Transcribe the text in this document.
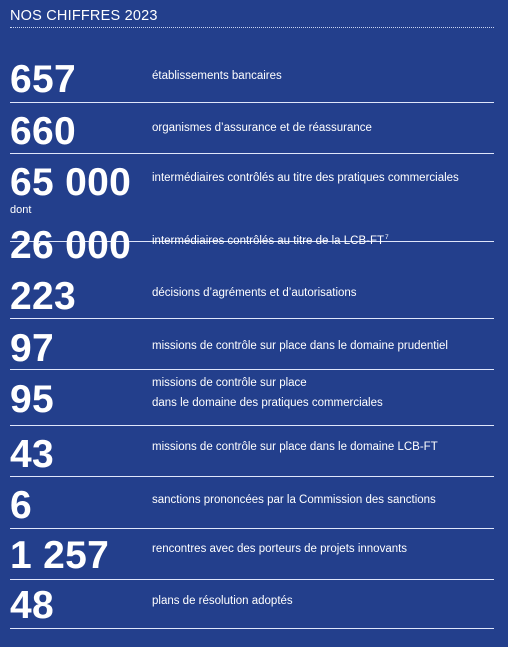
NOS CHIFFRES 2023
657	établissements bancaires
660	organismes d’assurance et de réassurance
65 000 intermédiaires contrôlés au titre des pratiques commerciales
dont
26 000 intermédiaires contrôlés au titre de la LCB-$FT^7$
223	décisions d’agréments et d’autorisations
97	missions de contrôle sur place dans le domaine prudentiel
95	missions de contrôle sur place
dans le domaine des pratiques commerciales
43	missions de contrôle sur place dans le domaine LCB-FT
6	sanctions prononcées par la Commission des sanctions
1 257	rencontres avec des porteurs de projets innovants
48	plans de résolution adoptés
